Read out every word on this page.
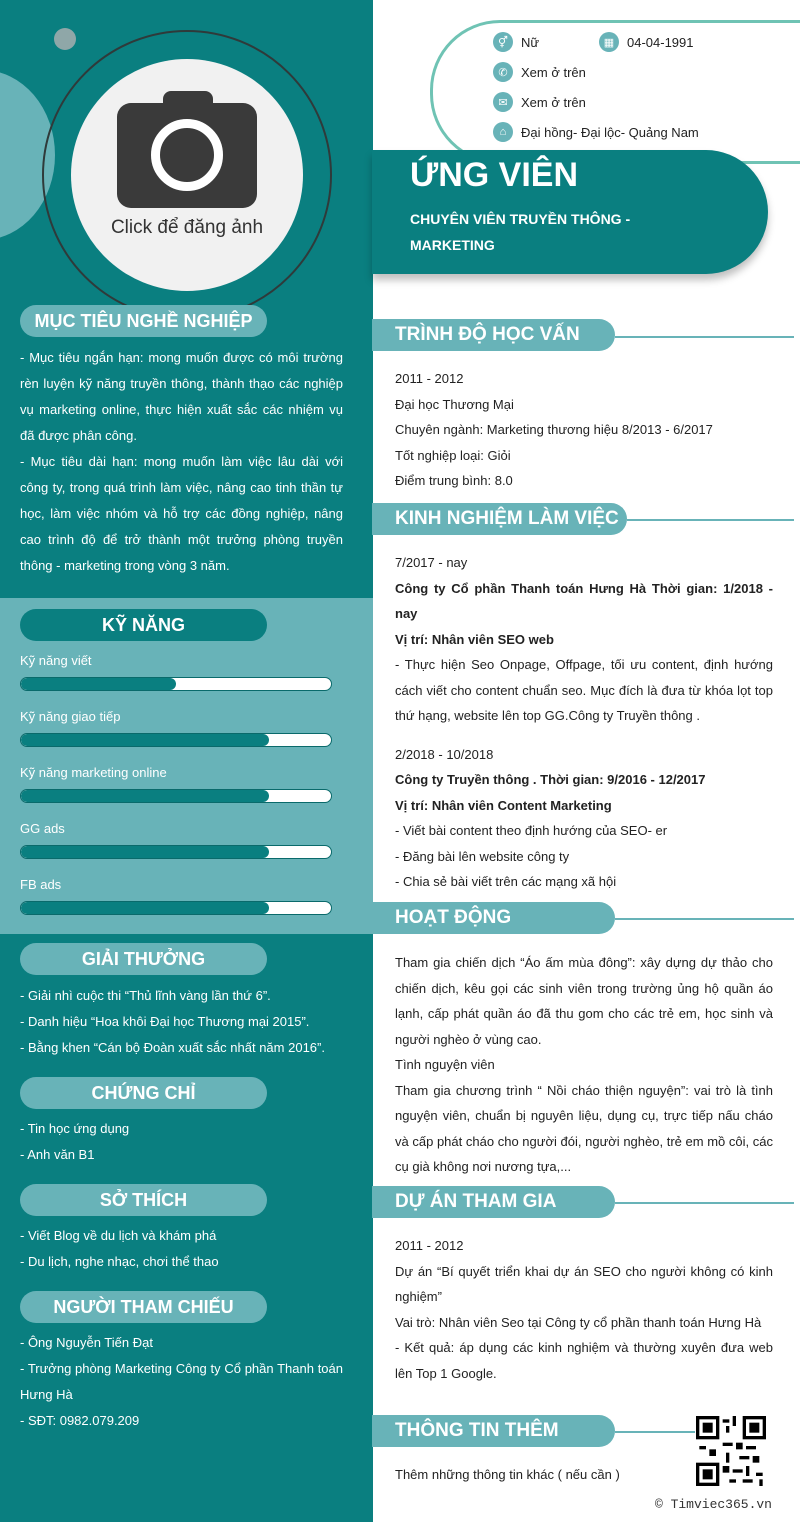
Click để đăng ảnh
MỤC TIÊU NGHỀ NGHIỆP

- Mục tiêu ngắn hạn: mong muốn được có môi trường rèn luyện kỹ năng truyền thông, thành thạo các nghiệp vụ marketing online, thực hiện xuất sắc các nhiệm vụ đã được phân công.

- Mục tiêu dài hạn: mong muốn làm việc lâu dài với công ty, trong quá trình làm việc, nâng cao tinh thần tự học, làm việc nhóm và hỗ trợ các đồng nghiệp, nâng cao trình độ để trở thành một trưởng phòng truyền thông - marketing trong vòng 3 năm.

KỸ NĂNG
Kỹ năng viết
Kỹ năng giao tiếp
Kỹ năng marketing online
GG ads
FB ads
GIẢI THƯỞNG

- Giải nhì cuộc thi “Thủ lĩnh vàng lần thứ 6”.

- Danh hiệu “Hoa khôi Đại học Thương mại 2015”.

- Bằng khen “Cán bộ Đoàn xuất sắc nhất năm 2016”.

CHỨNG CHỈ

- Tin học ứng dụng

- Anh văn B1

SỞ THÍCH

- Viết Blog về du lịch và khám phá

- Du lịch, nghe nhạc, chơi thể thao

NGƯỜI THAM CHIẾU

- Ông Nguyễn Tiến Đạt

- Trưởng phòng Marketing Công ty Cổ phần Thanh toán Hưng Hà

- SĐT: 0982.079.209

⚥	Nữ	▦ 04-04-1991
✆	Xem ở trên
✉	Xem ở trên
⌂	Đại hồng- Đại lộc- Quảng Nam
ỨNG VIÊN
CHUYÊN VIÊN TRUYỀN THÔNG - MARKETING
TRÌNH ĐỘ HỌC VẤN

2011 - 2012

Đại học Thương Mại

Chuyên ngành: Marketing thương hiệu 8/2013 - 6/2017

Tốt nghiệp loại: Giỏi

Điểm trung bình: 8.0

KINH NGHIỆM LÀM VIỆC

7/2017 - nay

Công ty Cổ phần Thanh toán Hưng Hà Thời gian: 1/2018 - nay

Vị trí: Nhân viên SEO web

- Thực hiện Seo Onpage, Offpage, tối ưu content, định hướng cách viết cho content chuẩn seo. Mục đích là đưa từ khóa lọt top thứ hạng, website lên top GG.Công ty Truyền thông .

2/2018 - 10/2018

Công ty Truyền thông . Thời gian: 9/2016 - 12/2017

Vị trí: Nhân viên Content Marketing

- Viết bài content theo định hướng của SEO- er

- Đăng bài lên website công ty

- Chia sẻ bài viết trên các mạng xã hội

HOẠT ĐỘNG

Tham gia chiến dịch “Áo ấm mùa đông”: xây dựng dự thảo cho chiến dịch, kêu gọi các sinh viên trong trường ủng hộ quần áo lạnh, cấp phát quần áo đã thu gom cho các trẻ em, học sinh và người nghèo ở vùng cao.

Tình nguyện viên

Tham gia chương trình “ Nồi cháo thiện nguyện”: vai trò là tình nguyện viên, chuẩn bị nguyên liệu, dụng cụ, trực tiếp nấu cháo và cấp phát cháo cho người đói, người nghèo, trẻ em mồ côi, các cụ già không nơi nương tựa,...

DỰ ÁN THAM GIA

2011 - 2012

Dự án “Bí quyết triển khai dự án SEO cho người không có kinh nghiệm”

Vai trò: Nhân viên Seo tại Công ty cổ phần thanh toán Hưng Hà

- Kết quả: áp dụng các kinh nghiệm và thường xuyên đưa web lên Top 1 Google.

THÔNG TIN THÊM
Thêm những thông tin khác ( nếu cần )
© Timviec365.vn
